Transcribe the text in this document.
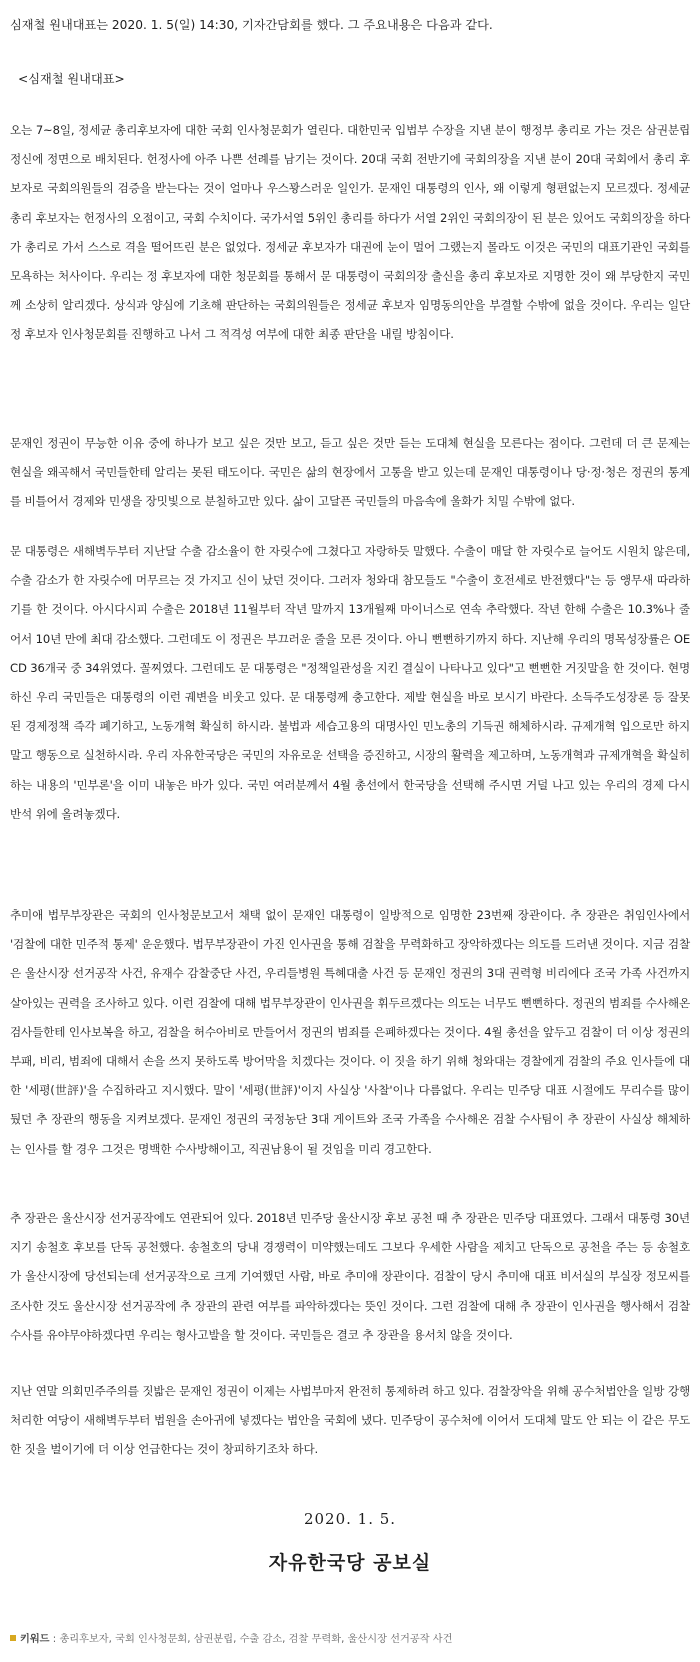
심재철 원내대표는 2020. 1. 5(일) 14:30, 기자간담회를 했다. 그 주요내용은 다음과 같다.
<심재철 원내대표>

오는 7~8일, 정세균 총리후보자에 대한 국회 인사청문회가 열린다. 대한민국 입법부 수장을 지낸 분이 행정부 총리로 가는 것은 삼권분립 정신에 정면으로 배치된다. 헌정사에 아주 나쁜 선례를 남기는 것이다. 20대 국회 전반기에 국회의장을 지낸 분이 20대 국회에서 총리 후보자로 국회의원들의 검증을 받는다는 것이 얼마나 우스꽝스러운 일인가. 문재인 대통령의 인사, 왜 이렇게 형편없는지 모르겠다. 정세균 총리 후보자는 헌정사의 오점이고, 국회 수치이다. 국가서열 5위인 총리를 하다가 서열 2위인 국회의장이 된 분은 있어도 국회의장을 하다가 총리로 가서 스스로 격을 떨어뜨린 분은 없었다. 정세균 후보자가 대권에 눈이 멀어 그랬는지 몰라도 이것은 국민의 대표기관인 국회를 모욕하는 처사이다. 우리는 정 후보자에 대한 청문회를 통해서 문 대통령이 국회의장 출신을 총리 후보자로 지명한 것이 왜 부당한지 국민께 소상히 알리겠다. 상식과 양심에 기초해 판단하는 국회의원들은 정세균 후보자 임명동의안을 부결할 수밖에 없을 것이다. 우리는 일단 정 후보자 인사청문회를 진행하고 나서 그 적격성 여부에 대한 최종 판단을 내릴 방침이다.

문재인 정권이 무능한 이유 중에 하나가 보고 싶은 것만 보고, 듣고 싶은 것만 듣는 도대체 현실을 모른다는 점이다. 그런데 더 큰 문제는 현실을 왜곡해서 국민들한테 알리는 못된 태도이다. 국민은 삶의 현장에서 고통을 받고 있는데 문재인 대통령이나 당·정·청은 정권의 통계를 비틀어서 경제와 민생을 장밋빛으로 분칠하고만 있다. 삶이 고달픈 국민들의 마음속에 울화가 치밀 수밖에 없다.

문 대통령은 새해벽두부터 지난달 수출 감소율이 한 자릿수에 그쳤다고 자랑하듯 말했다. 수출이 매달 한 자릿수로 늘어도 시원치 않은데, 수출 감소가 한 자릿수에 머무르는 것 가지고 신이 났던 것이다. 그러자 청와대 참모들도 "수출이 호전세로 반전했다"는 등 앵무새 따라하기를 한 것이다. 아시다시피 수출은 2018년 11월부터 작년 말까지 13개월째 마이너스로 연속 추락했다. 작년 한해 수출은 10.3%나 줄어서 10년 만에 최대 감소했다. 그런데도 이 정권은 부끄러운 줄을 모른 것이다. 아니 뻔뻔하기까지 하다. 지난해 우리의 명목성장률은 OECD 36개국 중 34위였다. 꼴찌였다. 그런데도 문 대통령은 "정책일관성을 지킨 결실이 나타나고 있다"고 뻔뻔한 거짓말을 한 것이다. 현명하신 우리 국민들은 대통령의 이런 궤변을 비웃고 있다. 문 대통령께 충고한다. 제발 현실을 바로 보시기 바란다. 소득주도성장론 등 잘못된 경제정책 즉각 폐기하고, 노동개혁 확실히 하시라. 불법과 세습고용의 대명사인 민노총의 기득권 해체하시라. 규제개혁 입으로만 하지 말고 행동으로 실천하시라. 우리 자유한국당은 국민의 자유로운 선택을 증진하고, 시장의 활력을 제고하며, 노동개혁과 규제개혁을 확실히 하는 내용의 '민부론'을 이미 내놓은 바가 있다. 국민 여러분께서 4월 총선에서 한국당을 선택해 주시면 거덜 나고 있는 우리의 경제 다시 반석 위에 올려놓겠다.

추미애 법무부장관은 국회의 인사청문보고서 채택 없이 문재인 대통령이 일방적으로 임명한 23번째 장관이다. 추 장관은 취임인사에서 '검찰에 대한 민주적 통제' 운운했다. 법무부장관이 가진 인사권을 통해 검찰을 무력화하고 장악하겠다는 의도를 드러낸 것이다. 지금 검찰은 울산시장 선거공작 사건, 유재수 감찰중단 사건, 우리들병원 특혜대출 사건 등 문재인 정권의 3대 권력형 비리에다 조국 가족 사건까지 살아있는 권력을 조사하고 있다. 이런 검찰에 대해 법무부장관이 인사권을 휘두르겠다는 의도는 너무도 뻔뻔하다. 정권의 범죄를 수사해온 검사들한테 인사보복을 하고, 검찰을 허수아비로 만들어서 정권의 범죄를 은폐하겠다는 것이다. 4월 총선을 앞두고 검찰이 더 이상 정권의 부패, 비리, 범죄에 대해서 손을 쓰지 못하도록 방어막을 치겠다는 것이다. 이 짓을 하기 위해 청와대는 경찰에게 검찰의 주요 인사들에 대한 '세평(世評)'을 수집하라고 지시했다. 말이 '세평(世評)'이지 사실상 '사찰'이나 다름없다. 우리는 민주당 대표 시절에도 무리수를 많이 뒀던 추 장관의 행동을 지켜보겠다. 문재인 정권의 국정농단 3대 게이트와 조국 가족을 수사해온 검찰 수사팀이 추 장관이 사실상 해체하는 인사를 할 경우 그것은 명백한 수사방해이고, 직권남용이 될 것임을 미리 경고한다.

추 장관은 울산시장 선거공작에도 연관되어 있다. 2018년 민주당 울산시장 후보 공천 때 추 장관은 민주당 대표였다. 그래서 대통령 30년 지기 송철호 후보를 단독 공천했다. 송철호의 당내 경쟁력이 미약했는데도 그보다 우세한 사람을 제치고 단독으로 공천을 주는 등 송철호가 울산시장에 당선되는데 선거공작으로 크게 기여했던 사람, 바로 추미애 장관이다. 검찰이 당시 추미애 대표 비서실의 부실장 정모씨를 조사한 것도 울산시장 선거공작에 추 장관의 관련 여부를 파악하겠다는 뜻인 것이다. 그런 검찰에 대해 추 장관이 인사권을 행사해서 검찰 수사를 유야무야하겠다면 우리는 형사고발을 할 것이다. 국민들은 결코 추 장관을 용서치 않을 것이다.

지난 연말 의회민주주의를 짓밟은 문재인 정권이 이제는 사법부마저 완전히 통제하려 하고 있다. 검찰장악을 위해 공수처법안을 일방 강행처리한 여당이 새해벽두부터 법원을 손아귀에 넣겠다는 법안을 국회에 냈다. 민주당이 공수처에 이어서 도대체 말도 안 되는 이 같은 무도한 짓을 벌이기에 더 이상 언급한다는 것이 창피하기조차 하다.

2020. 1. 5.
자유한국당 공보실
키워드 : 총리후보자, 국회 인사청문회, 삼권분립, 수출 감소, 검찰 무력화, 울산시장 선거공작 사건
